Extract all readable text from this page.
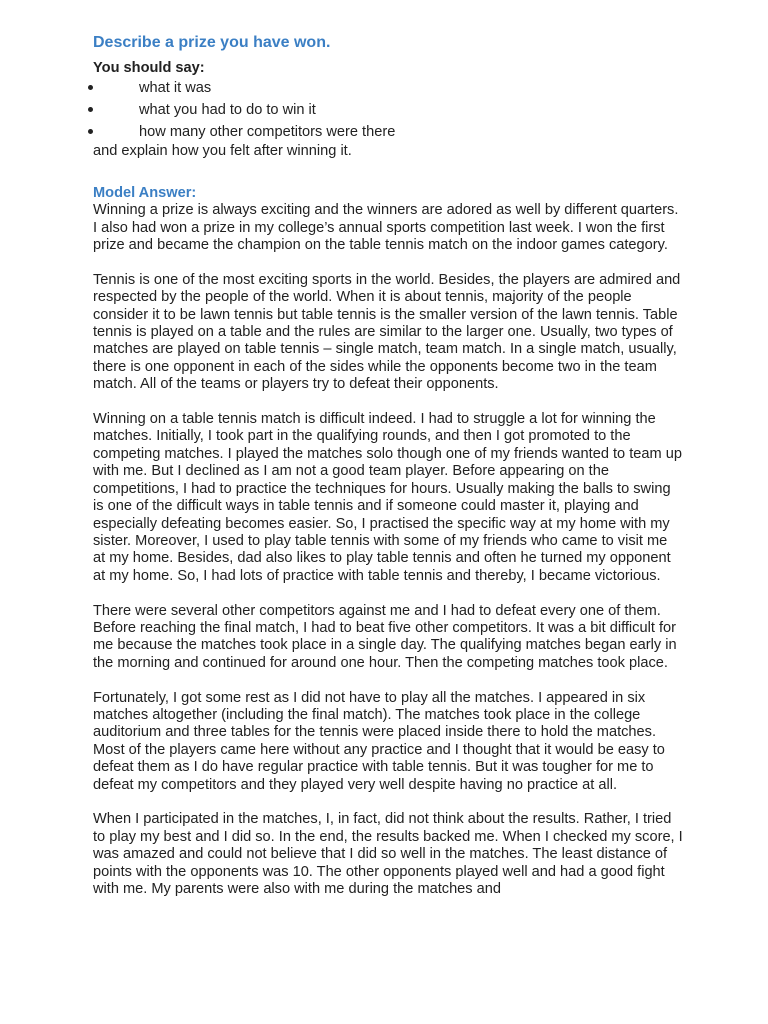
Describe a prize you have won.

You should say:

what it was
what you had to do to win it
how many other competitors were there

and explain how you felt after winning it.

Model Answer:

Winning a prize is always exciting and the winners are adored as well by different quarters. I also had won a prize in my college’s annual sports competition last week. I won the first prize and became the champion on the table tennis match on the indoor games category.

Tennis is one of the most exciting sports in the world. Besides, the players are admired and respected by the people of the world. When it is about tennis, majority of the people consider it to be lawn tennis but table tennis is the smaller version of the lawn tennis. Table tennis is played on a table and the rules are similar to the larger one. Usually, two types of matches are played on table tennis – single match, team match. In a single match, usually, there is one opponent in each of the sides while the opponents become two in the team match. All of the teams or players try to defeat their opponents.

Winning on a table tennis match is difficult indeed. I had to struggle a lot for winning the matches. Initially, I took part in the qualifying rounds, and then I got promoted to the competing matches. I played the matches solo though one of my friends wanted to team up with me. But I declined as I am not a good team player. Before appearing on the competitions, I had to practice the techniques for hours. Usually making the balls to swing is one of the difficult ways in table tennis and if someone could master it, playing and especially defeating becomes easier. So, I practised the specific way at my home with my sister. Moreover, I used to play table tennis with some of my friends who came to visit me at my home. Besides, dad also likes to play table tennis and often he turned my opponent at my home. So, I had lots of practice with table tennis and thereby, I became victorious.

There were several other competitors against me and I had to defeat every one of them. Before reaching the final match, I had to beat five other competitors. It was a bit difficult for me because the matches took place in a single day. The qualifying matches began early in the morning and continued for around one hour. Then the competing matches took place.

Fortunately, I got some rest as I did not have to play all the matches. I appeared in six matches altogether (including the final match). The matches took place in the college auditorium and three tables for the tennis were placed inside there to hold the matches. Most of the players came here without any practice and I thought that it would be easy to defeat them as I do have regular practice with table tennis. But it was tougher for me to defeat my competitors and they played very well despite having no practice at all.

When I participated in the matches, I, in fact, did not think about the results. Rather, I tried to play my best and I did so. In the end, the results backed me. When I checked my score, I was amazed and could not believe that I did so well in the matches. The least distance of points with the opponents was 10. The other opponents played well and had a good fight with me. My parents were also with me during the matches and
